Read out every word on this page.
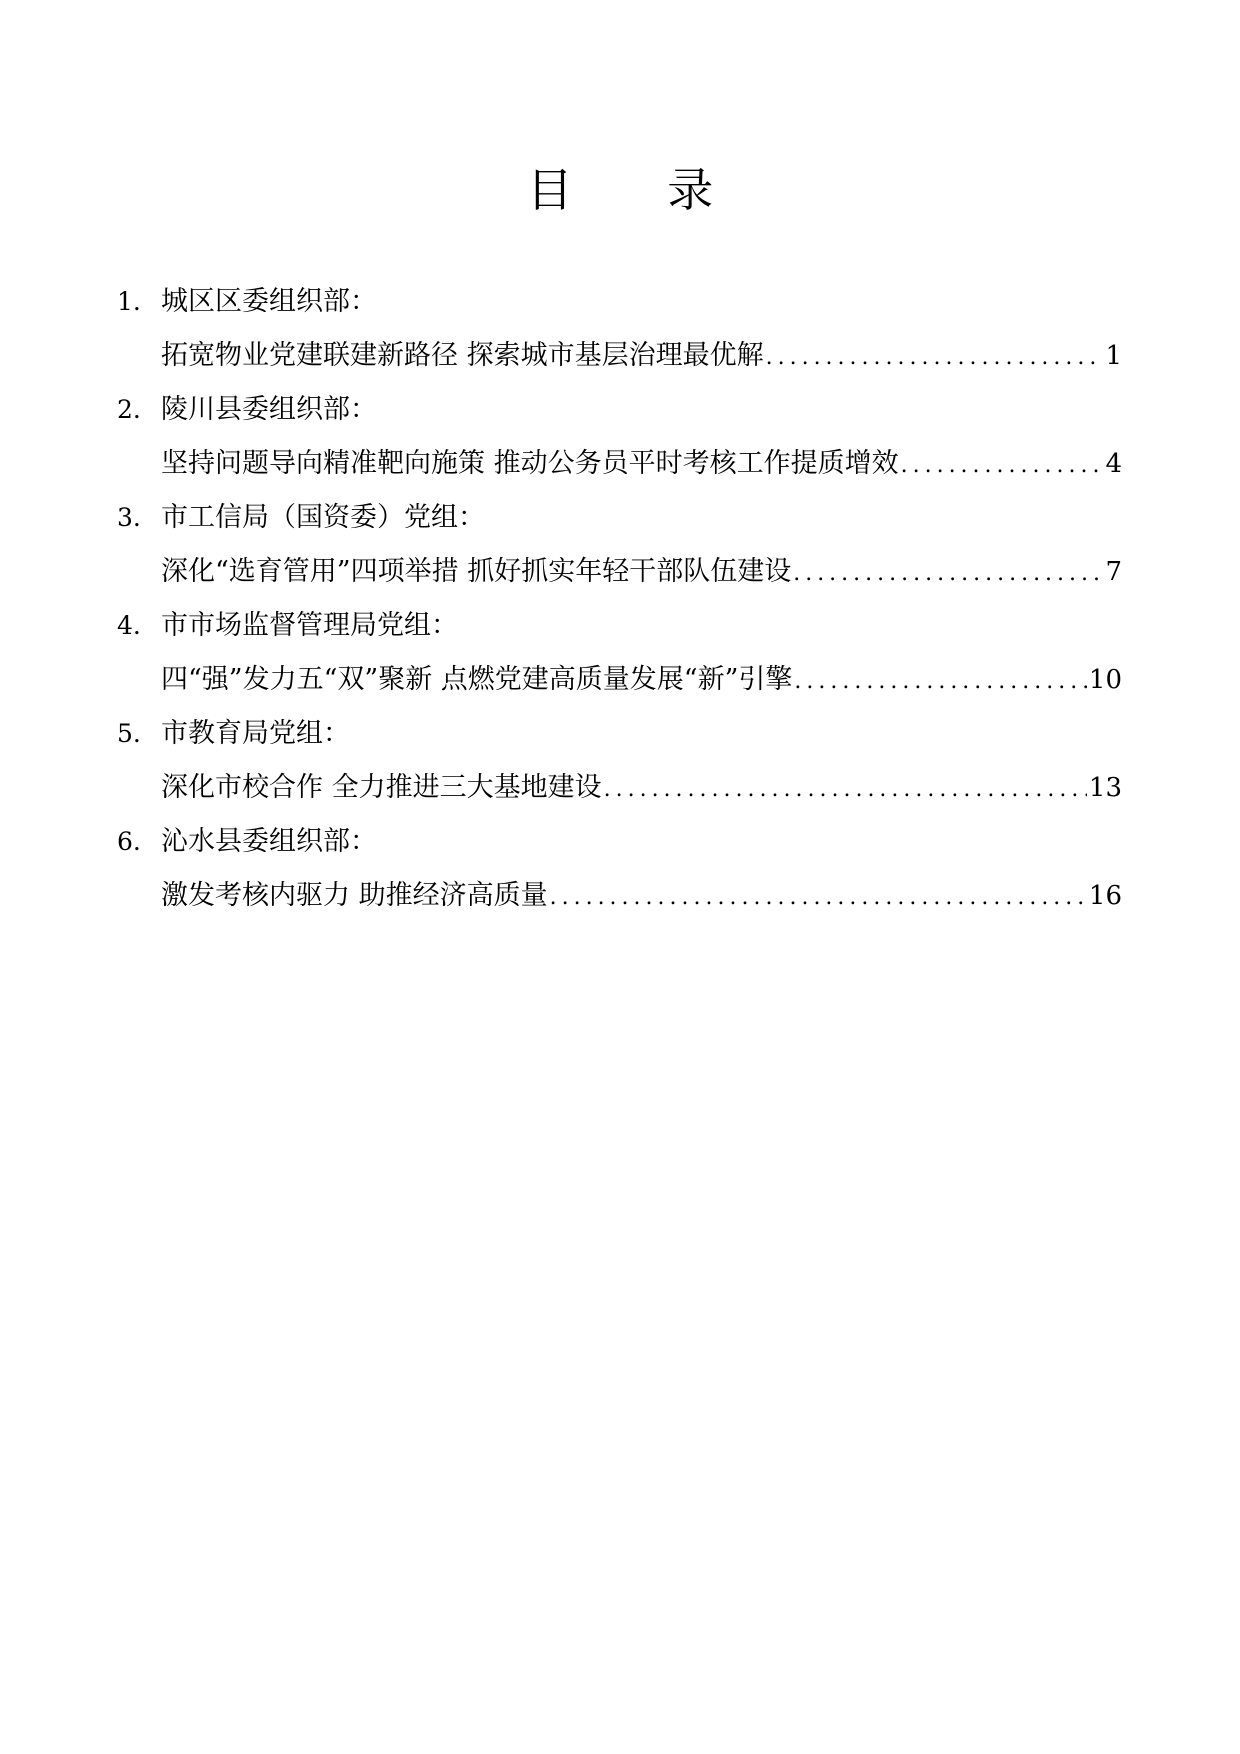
目 录
1. 城区区委组织部：
拓宽物业党建联建新路径 探索城市基层治理最优解 .....	1
2. 陵川县委组织部：
坚持问题导向精准靶向施策 推动公务员平时考核工作提质增效 .....	4
3. 市工信局（国资委）党组：
深化“选育管用”四项举措 抓好抓实年轻干部队伍建设 .....	7
4. 市市场监督管理局党组：
四“强”发力五“双”聚新 点燃党建高质量发展“新”引擎 .....	10
5. 市教育局党组：
深化市校合作 全力推进三大基地建设 .....	13
6. 沁水县委组织部：
激发考核内驱力 助推经济高质量 .....	16
